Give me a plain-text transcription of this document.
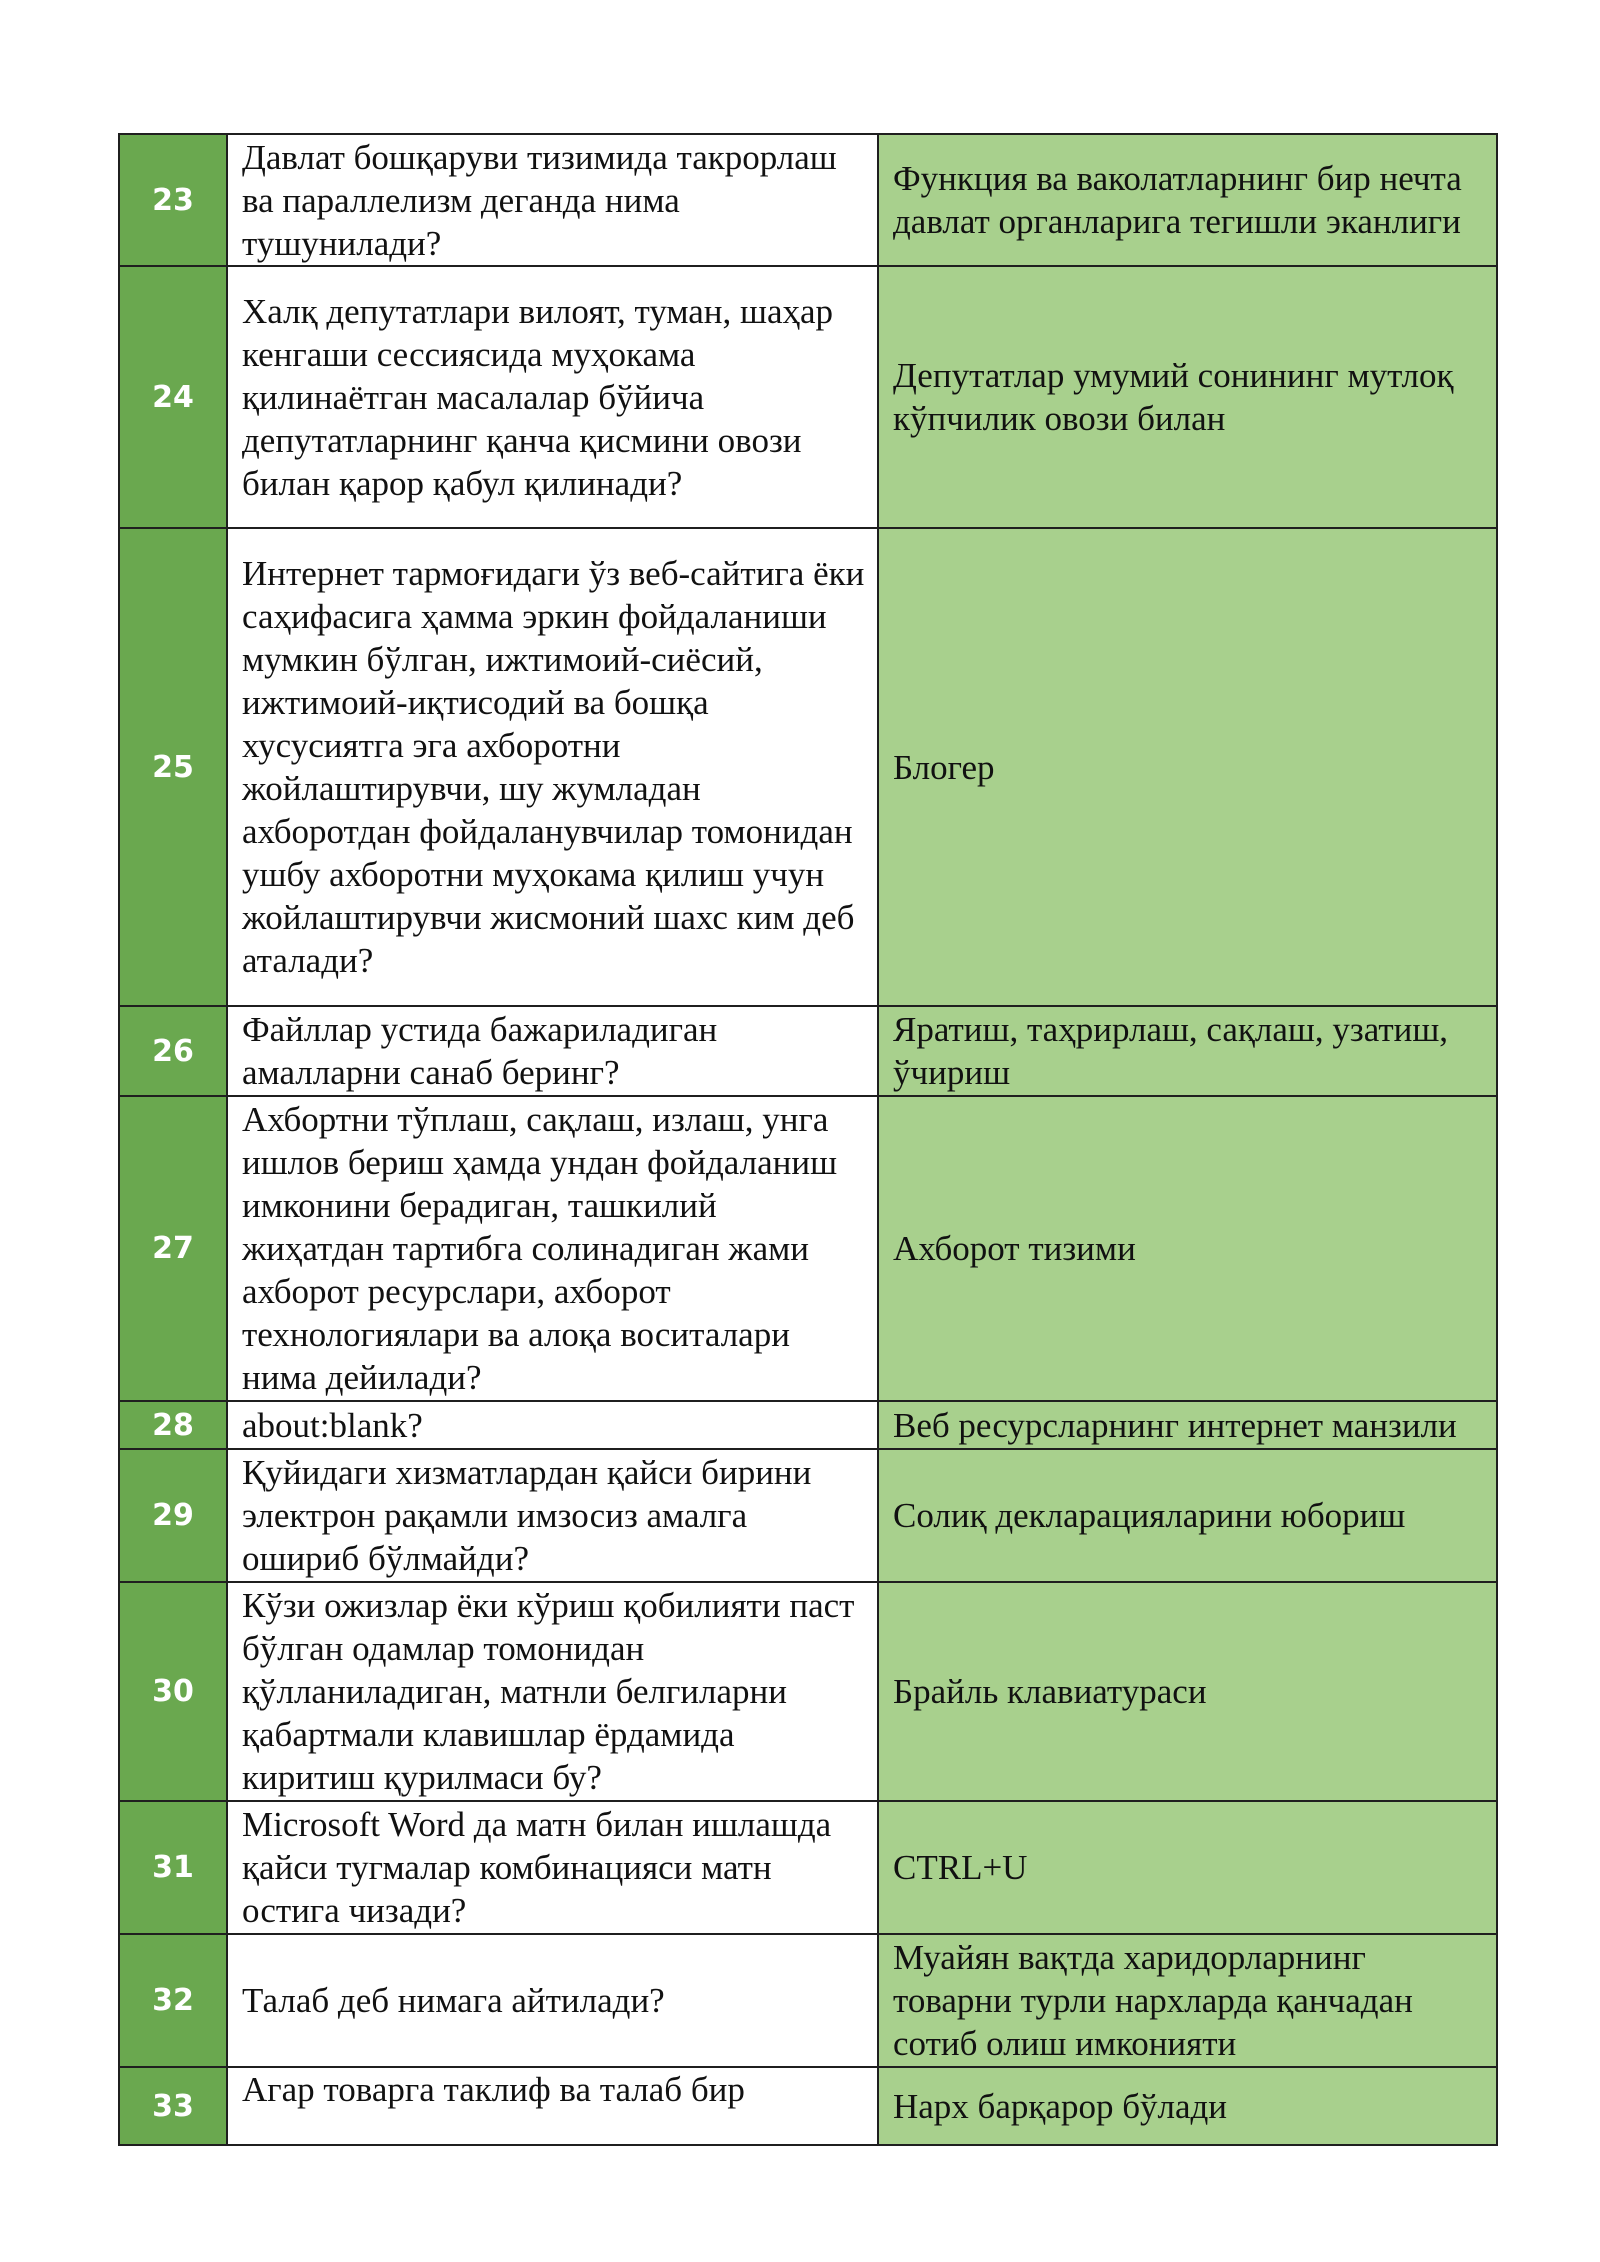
23	Давлат бошқаруви тизимида такрорлаш ва параллелизм деганда нима тушунилади?	Функция ва ваколатларнинг бир нечта давлат органларига тегишли эканлиги
24	Халқ депутатлари вилоят, туман, шаҳар кенгаши сессиясида муҳокама қилинаётган масалалар бўйича депутатларнинг қанча қисмини овози билан қарор қабул қилинади?	Депутатлар умумий сонининг мутлоқ кўпчилик овози билан
25	Интернет тармоғидаги ўз веб-сайтига ёки саҳифасига ҳамма эркин фойдаланиши мумкин бўлган, ижтимоий-сиёсий, ижтимоий-иқтисодий ва бошқа хусусиятга эга ахборотни жойлаштирувчи, шу жумладан ахборотдан фойдаланувчилар томонидан ушбу ахборотни муҳокама қилиш учун жойлаштирувчи жисмоний шахс ким деб аталади?	Блогер
26	Файллар устида бажариладиган амалларни санаб беринг?	Яратиш, таҳрирлаш, сақлаш, узатиш, ўчириш
27	Ахбортни тўплаш, сақлаш, излаш, унга ишлов бериш ҳамда ундан фойдаланиш имконини берадиган, ташкилий жиҳатдан тартибга солинадиган жами ахборот ресурслари, ахборот технологиялари ва алоқа воситалари нима дейилади?	Ахборот тизими
28	about:blank?	Веб ресурсларнинг интернет манзили
29	Қуйидаги хизматлардан қайси бирини электрон рақамли имзосиз амалга ошириб бўлмайди?	Солиқ декларацияларини юбориш
30	Кўзи ожизлар ёки кўриш қобилияти паст бўлган одамлар томонидан қўлланиладиган, матнли белгиларни қабартмали клавишлар ёрдамида киритиш қурилмаси бу?	Брайль клавиатураси
31	Microsoft Word да матн билан ишлашда қайси тугмалар комбинацияси матн остига чизади?	CTRL+U
32	Талаб деб нимага айтилади?	Муайян вақтда харидорларнинг товарни турли нархларда қанчадан сотиб олиш имконияти
33	Агар товарга таклиф ва талаб бир	Нарх барқарор бўлади
